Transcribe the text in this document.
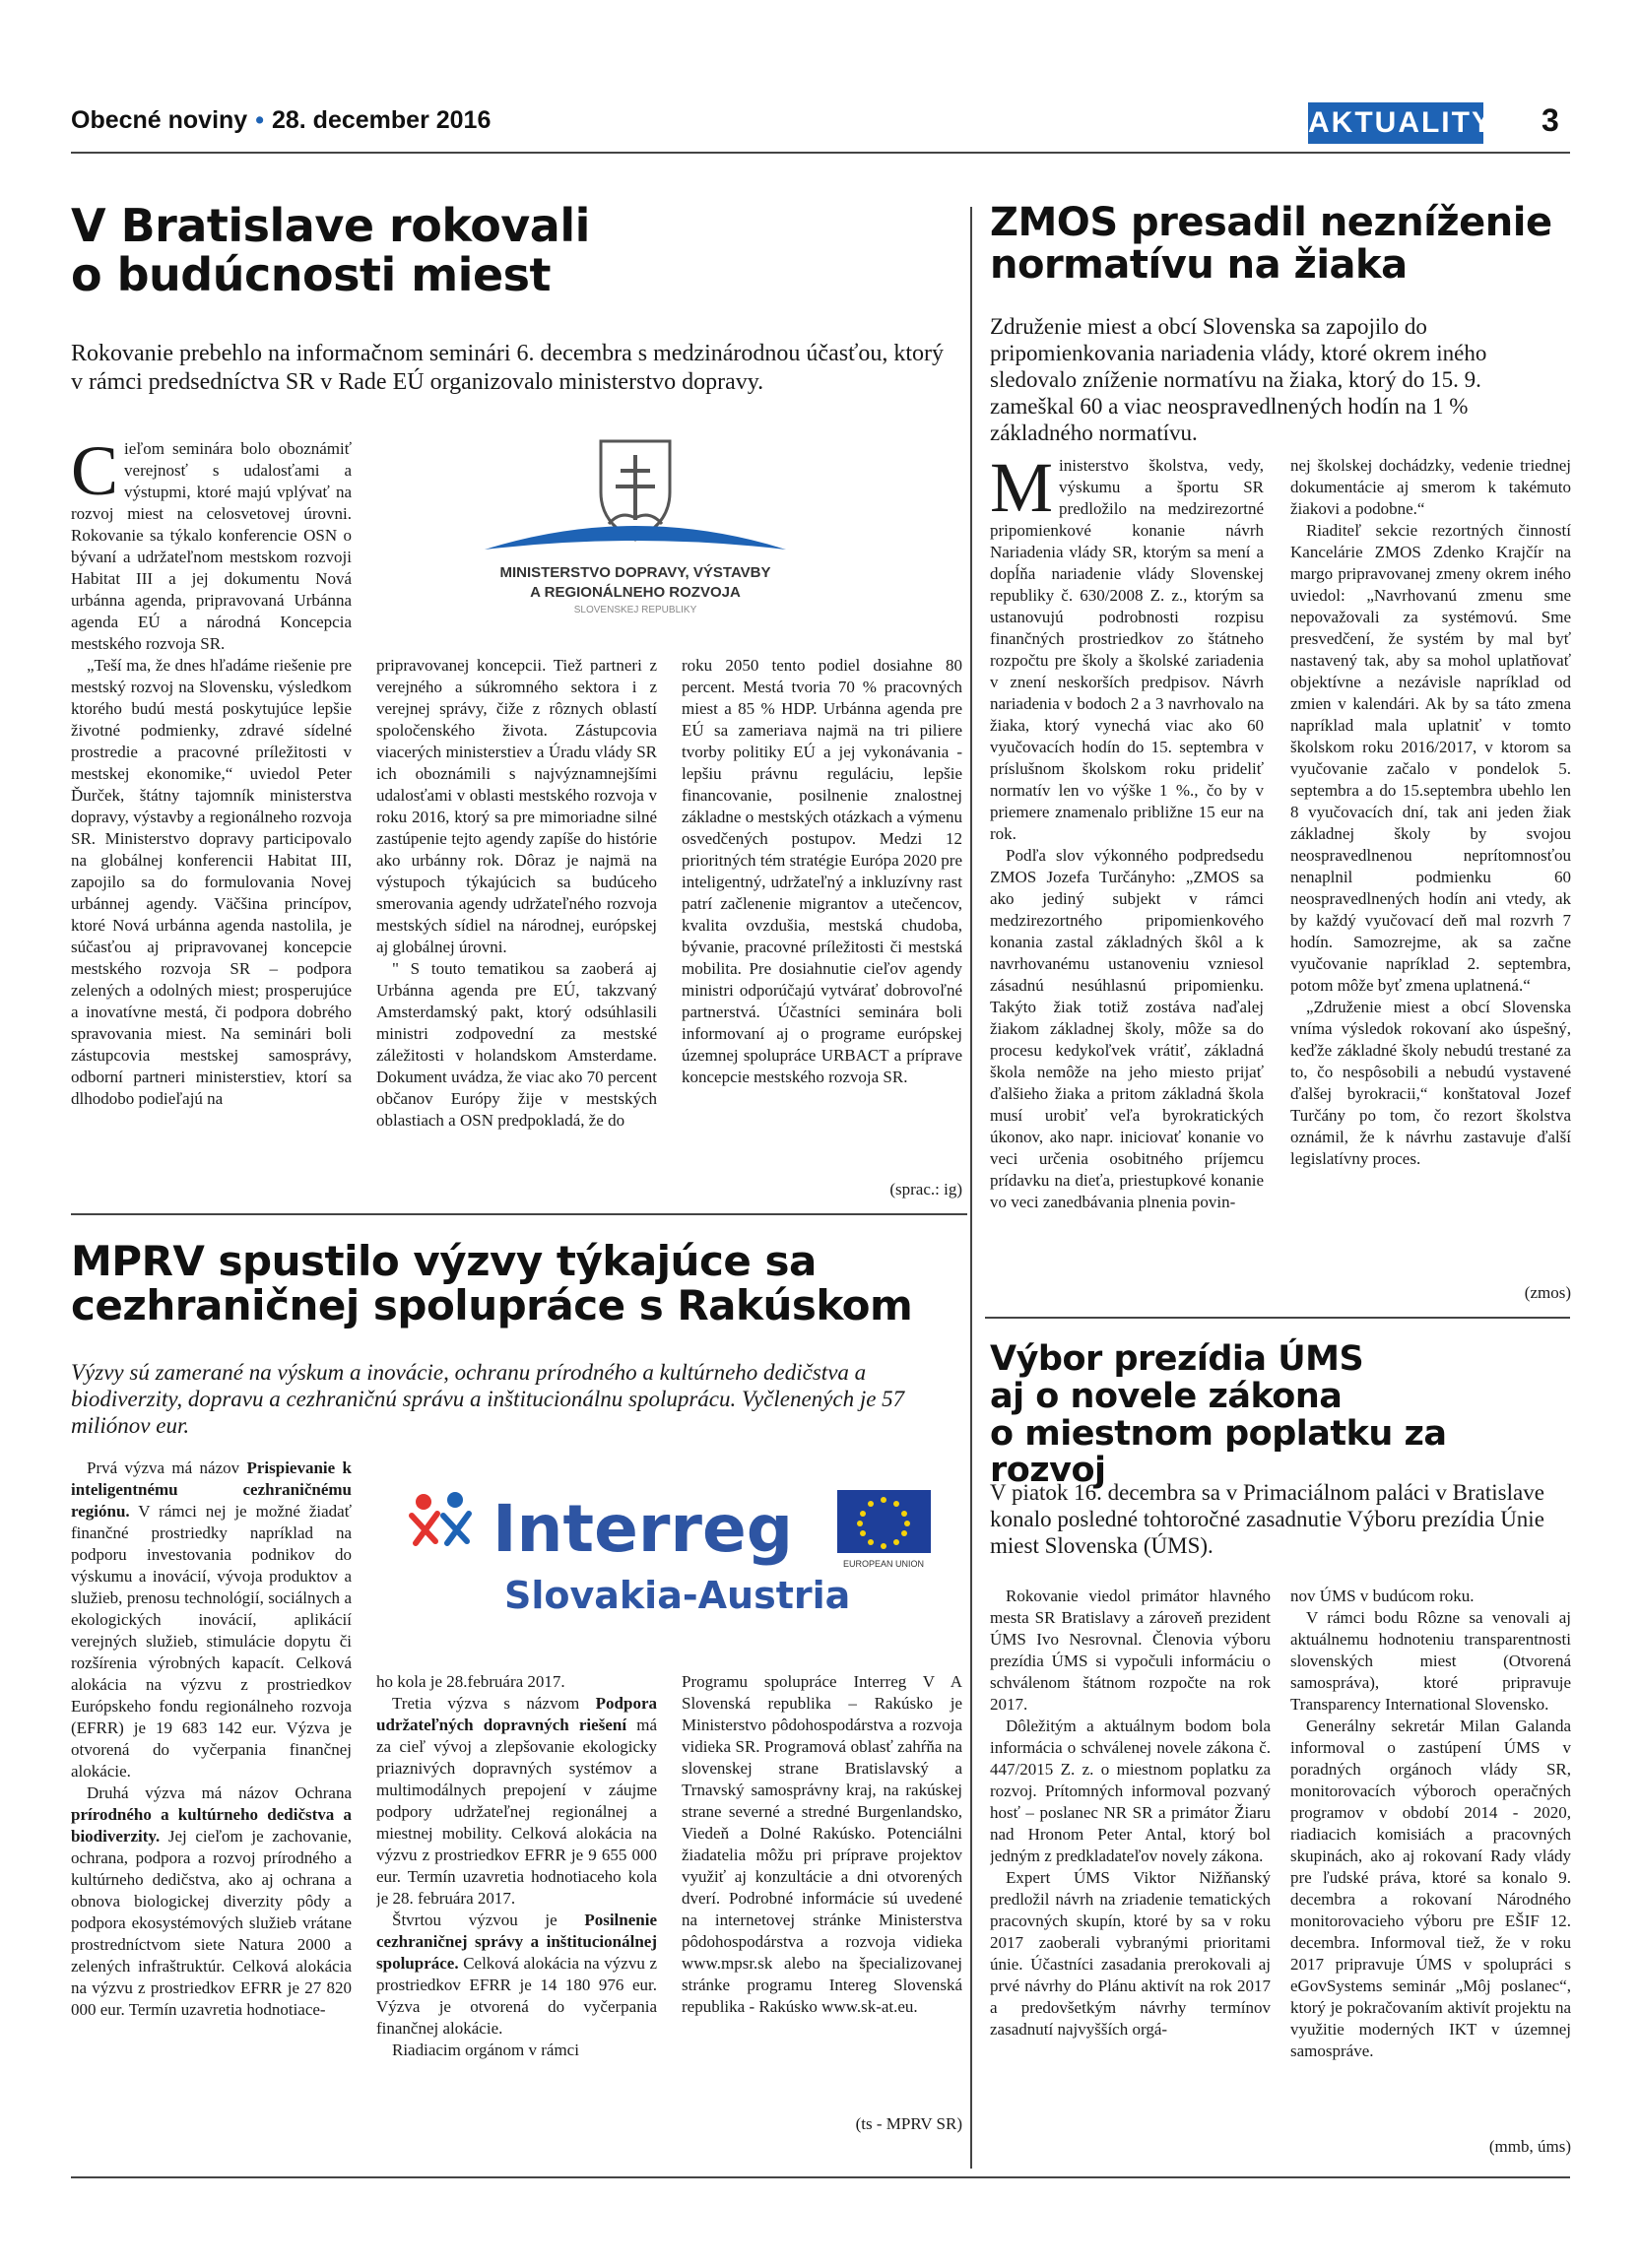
Obecné noviny • 28. december 2016	AKTUALITY 3
V Bratislave rokovali
o budúcnosti miest
Rokovanie prebehlo na informačnom seminári 6. decembra s medzinárodnou účasťou, ktorý v rámci predsedníctva SR v Rade EÚ organizovalo ministerstvo dopravy.
MINISTERSTVO DOPRAVY, VÝSTAVBY
A REGIONÁLNEHO ROZVOJA
SLOVENSKEJ REPUBLIKY

Cieľom seminára bolo oboznámiť verejnosť s udalosťami a výstupmi, ktoré majú vplývať na rozvoj miest na celosvetovej úrovni. Rokovanie sa týkalo konferencie OSN o bývaní a udržateľnom mestskom rozvoji Habitat III a jej dokumentu Nová urbánna agenda, pripravovaná Urbánna agenda EÚ a národná Koncepcia mestského rozvoja SR.

„Teší ma, že dnes hľadáme riešenie pre mestský rozvoj na Slovensku, výsledkom ktorého budú mestá poskytujúce lepšie životné podmienky, zdravé sídelné prostredie a pracovné príležitosti v mestskej ekonomike,“ uviedol Peter Ďurček, štátny tajomník ministerstva dopravy, výstavby a regionálneho rozvoja SR. Ministerstvo dopravy participovalo na globálnej konferencii Habitat III, zapojilo sa do formulovania Novej urbánnej agendy. Väčšina princípov, ktoré Nová urbánna agenda nastolila, je súčasťou aj pripravovanej koncepcie mestského rozvoja SR – podpora zelených a odolných miest; prosperujúce a inovatívne mestá, či podpora dobrého spravovania miest. Na seminári boli zástupcovia mestskej samosprávy, odborní partneri ministerstiev, ktorí sa dlhodobo podieľajú na

pripravovanej koncepcii. Tiež partneri z verejného a súkromného sektora i z verejnej správy, čiže z rôznych oblastí spoločenského života. Zástupcovia viacerých ministerstiev a Úradu vlády SR ich oboznámili s najvýznamnejšími udalosťami v oblasti mestského rozvoja v roku 2016, ktorý sa pre mimoriadne silné zastúpenie tejto agendy zapíše do histórie ako urbánny rok. Dôraz je najmä na výstupoch týkajúcich sa budúceho smerovania agendy udržateľného rozvoja mestských sídiel na národnej, európskej aj globálnej úrovni.

" S touto tematikou sa zaoberá aj Urbánna agenda pre EÚ, takzvaný Amsterdamský pakt, ktorý odsúhlasili ministri zodpovední za mestské záležitosti v holandskom Amsterdame. Dokument uvádza, že viac ako 70 percent občanov Európy žije v mestských oblastiach a OSN predpokladá, že do

roku 2050 tento podiel dosiahne 80 percent. Mestá tvoria 70 % pracovných miest a 85 % HDP. Urbánna agenda pre EÚ sa zameriava najmä na tri piliere tvorby politiky EÚ a jej vykonávania - lepšiu právnu reguláciu, lepšie financovanie, posilnenie znalostnej základne o mestských otázkach a výmenu osvedčených postupov. Medzi 12 prioritných tém stratégie Európa 2020 pre inteligentný, udržateľný a inkluzívny rast patrí začlenenie migrantov a utečencov, kvalita ovzdušia, mestská chudoba, bývanie, pracovné príležitosti či mestská mobilita. Pre dosiahnutie cieľov agendy ministri odporúčajú vytvárať dobrovoľné partnerstvá. Účastníci seminára boli informovaní aj o programe európskej územnej spolupráce URBACT a príprave koncepcie mestského rozvoja SR.

(sprac.: ig)
ZMOS presadil nezníženie
normatívu na žiaka
Združenie miest a obcí Slovenska sa zapojilo do pripomienkovania nariadenia vlády, ktoré okrem iného sledovalo zníženie normatívu na žiaka, ktorý do 15. 9. zameškal 60 a viac neospravedlnených hodín na 1 % základného normatívu.

Ministerstvo školstva, vedy, výskumu a športu SR predložilo na medzirezortné pripomienkové konanie návrh Nariadenia vlády SR, ktorým sa mení a dopĺňa nariadenie vlády Slovenskej republiky č. 630/2008 Z. z., ktorým sa ustanovujú podrobnosti rozpisu finančných prostriedkov zo štátneho rozpočtu pre školy a školské zariadenia v znení neskorších predpisov. Návrh nariadenia v bodoch 2 a 3 navrhovalo na žiaka, ktorý vynechá viac ako 60 vyučovacích hodín do 15. septembra v príslušnom školskom roku prideliť normatív len vo výške 1 %., čo by v priemere znamenalo približne 15 eur na rok.

Podľa slov výkonného podpredsedu ZMOS Jozefa Turčányho: „ZMOS sa ako jediný subjekt v rámci medzirezortného pripomienkového konania zastal základných škôl a k navrhovanému ustanoveniu vzniesol zásadnú nesúhlasnú pripomienku. Takýto žiak totiž zostáva naďalej žiakom základnej školy, môže sa do procesu kedykoľvek vrátiť, základná škola nemôže na jeho miesto prijať ďalšieho žiaka a pritom základná škola musí urobiť veľa byrokratických úkonov, ako napr. iniciovať konanie vo veci určenia osobitného príjemcu prídavku na dieťa, priestupkové konanie vo veci zanedbávania plnenia povin-

nej školskej dochádzky, vedenie triednej dokumentácie aj smerom k takémuto žiakovi a podobne.“

Riaditeľ sekcie rezortných činností Kancelárie ZMOS Zdenko Krajčír na margo pripravovanej zmeny okrem iného uviedol: „Navrhovanú zmenu sme nepovažovali za systémovú. Sme presvedčení, že systém by mal byť nastavený tak, aby sa mohol uplatňovať objektívne a nezávisle napríklad od zmien v kalendári. Ak by sa táto zmena napríklad mala uplatniť v tomto školskom roku 2016/2017, v ktorom sa vyučovanie začalo v pondelok 5. septembra a do 15.septembra ubehlo len 8 vyučovacích dní, tak ani jeden žiak základnej školy by svojou neospravedlnenou neprítomnosťou nenaplnil podmienku 60 neospravedlnených hodín ani vtedy, ak by každý vyučovací deň mal rozvrh 7 hodín. Samozrejme, ak sa začne vyučovanie napríklad 2. septembra, potom môže byť zmena uplatnená.“

„Združenie miest a obcí Slovenska vníma výsledok rokovaní ako úspešný, keďže základné školy nebudú trestané za to, čo nespôsobili a nebudú vystavené ďalšej byrokracii,“ konštatoval Jozef Turčány po tom, čo rezort školstva oznámil, že k návrhu zastavuje ďalší legislatívny proces.

(zmos)
MPRV spustilo výzvy týkajúce sa
cezhraničnej spolupráce s Rakúskom
Výzvy sú zamerané na výskum a inovácie, ochranu prírodného a kultúrneho dedičstva a biodiverzity, dopravu a cezhraničnú správu a inštitucionálnu spoluprácu. Vyčlenených je 57 miliónov eur.
Interreg
Slovakia-Austria
EUROPEAN UNION

Prvá výzva má názov Prispievanie k inteligentnému cezhraničnému regiónu. V rámci nej je možné žiadať finančné prostriedky napríklad na podporu investovania podnikov do výskumu a inovácií, vývoja produktov a služieb, prenosu technológií, sociálnych a ekologických inovácií, aplikácií verejných služieb, stimulácie dopytu či rozšírenia výrobných kapacít. Celková alokácia na výzvu z prostriedkov Európskeho fondu regionálneho rozvoja (EFRR) je 19 683 142 eur. Výzva je otvorená do vyčerpania finančnej alokácie.

Druhá výzva má názov Ochrana prírodného a kultúrneho dedičstva a biodiverzity. Jej cieľom je zachovanie, ochrana, podpora a rozvoj prírodného a kultúrneho dedičstva, ako aj ochrana a obnova biologickej diverzity pôdy a podpora ekosystémových služieb vrátane prostredníctvom siete Natura 2000 a zelených infraštruktúr. Celková alokácia na výzvu z prostriedkov EFRR je 27 820 000 eur. Termín uzavretia hodnotiace-

ho kola je 28.februára 2017.

Tretia výzva s názvom Podpora udržateľných dopravných riešení má za cieľ vývoj a zlepšovanie ekologicky priaznivých dopravných systémov a multimodálnych prepojení v záujme podpory udržateľnej regionálnej a miestnej mobility. Celková alokácia na výzvu z prostriedkov EFRR je 9 655 000 eur. Termín uzavretia hodnotiaceho kola je 28. februára 2017.

Štvrtou výzvou je Posilnenie cezhraničnej správy a inštitucionálnej spolupráce. Celková alokácia na výzvu z prostriedkov EFRR je 14 180 976 eur. Výzva je otvorená do vyčerpania finančnej alokácie.

Riadiacim orgánom v rámci

Programu spolupráce Interreg V A Slovenská republika – Rakúsko je Ministerstvo pôdohospodárstva a rozvoja vidieka SR. Programová oblasť zahŕňa na slovenskej strane Bratislavský a Trnavský samosprávny kraj, na rakúskej strane severné a stredné Burgenlandsko, Viedeň a Dolné Rakúsko. Potenciálni žiadatelia môžu pri príprave projektov využiť aj konzultácie a dni otvorených dverí. Podrobné informácie sú uvedené na internetovej stránke Ministerstva pôdohospodárstva a rozvoja vidieka www.mpsr.sk alebo na špecializovanej stránke programu Intereg Slovenská republika - Rakúsko www.sk-at.eu.

(ts - MPRV SR)
Výbor prezídia ÚMS
aj o novele zákona
o miestnom poplatku za rozvoj
V piatok 16. decembra sa v Primaciálnom paláci v Bratislave konalo posledné tohtoročné zasadnutie Výboru prezídia Únie miest Slovenska (ÚMS).

Rokovanie viedol primátor hlavného mesta SR Bratislavy a zároveň prezident ÚMS Ivo Nesrovnal. Členovia výboru prezídia ÚMS si vypočuli informáciu o schválenom štátnom rozpočte na rok 2017.

Dôležitým a aktuálnym bodom bola informácia o schválenej novele zákona č. 447/2015 Z. z. o miestnom poplatku za rozvoj. Prítomných informoval pozvaný hosť – poslanec NR SR a primátor Žiaru nad Hronom Peter Antal, ktorý bol jedným z predkladateľov novely zákona.

Expert ÚMS Viktor Nižňanský predložil návrh na zriadenie tematických pracovných skupín, ktoré by sa v roku 2017 zaoberali vybranými prioritami únie. Účastníci zasadania prerokovali aj prvé návrhy do Plánu aktivít na rok 2017 a predovšetkým návrhy termínov zasadnutí najvyšších orgá-

nov ÚMS v budúcom roku.

V rámci bodu Rôzne sa venovali aj aktuálnemu hodnoteniu transparentnosti slovenských miest (Otvorená samospráva), ktoré pripravuje Transparency International Slovensko.

Generálny sekretár Milan Galanda informoval o zastúpení ÚMS v poradných orgánoch vlády SR, monitorovacích výboroch operačných programov v období 2014 - 2020, riadiacich komisiách a pracovných skupinách, ako aj rokovaní Rady vlády pre ľudské práva, ktoré sa konalo 9. decembra a rokovaní Národného monitorovacieho výboru pre EŠIF 12. decembra. Informoval tiež, že v roku 2017 pripravuje ÚMS v spolupráci s eGovSystems seminár „Môj poslanec“, ktorý je pokračovaním aktivít projektu na využitie moderných IKT v územnej samospráve.

(mmb, úms)
